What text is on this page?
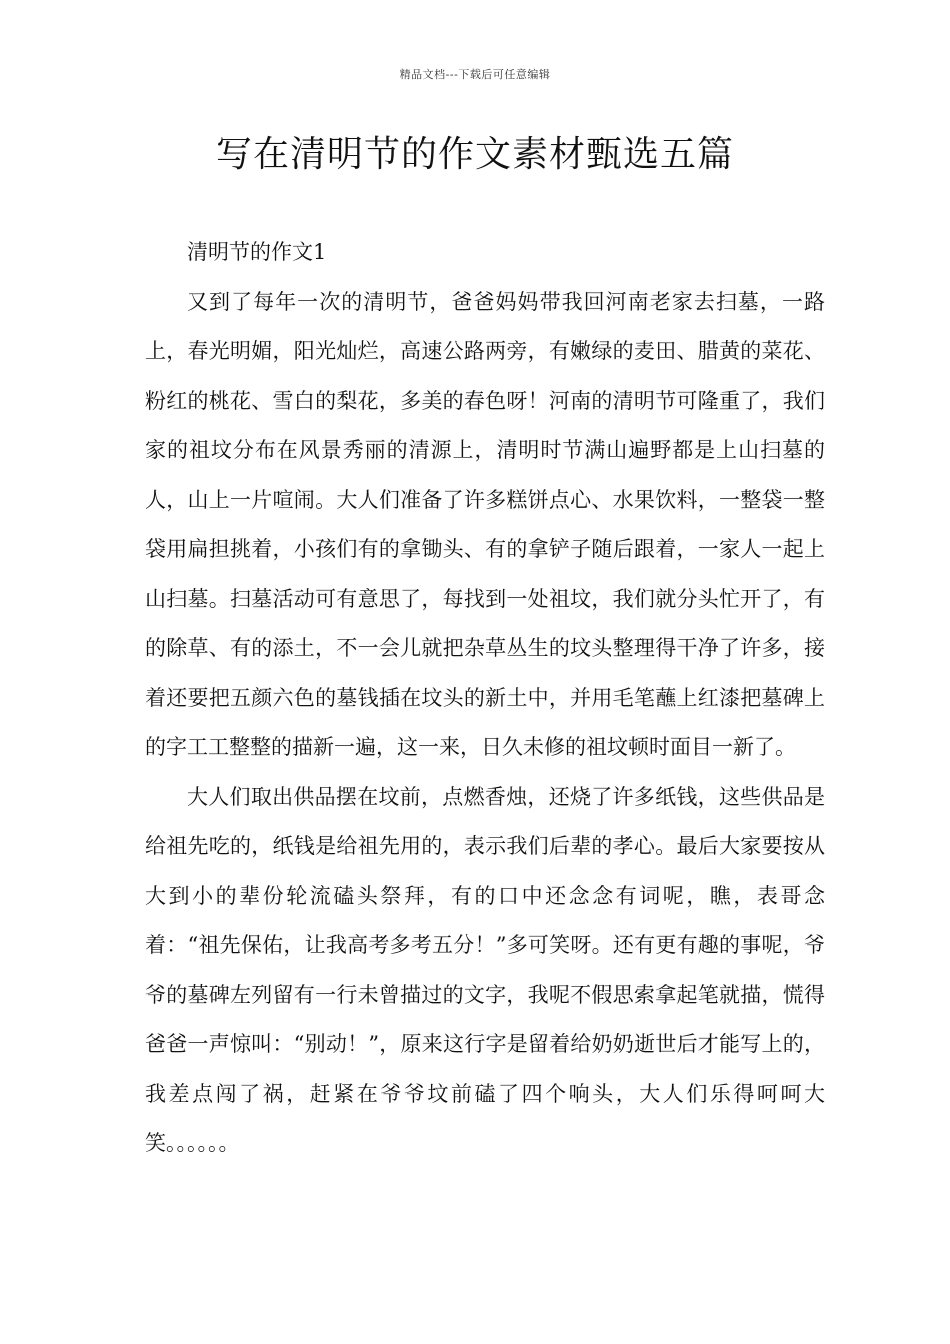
精品文档---下载后可任意编辑
写在清明节的作文素材甄选五篇

清明节的作文1

又到了每年一次的清明节，爸爸妈妈带我回河南老家去扫墓，一路上，春光明媚，阳光灿烂，高速公路两旁，有嫩绿的麦田、腊黄的菜花、粉红的桃花、雪白的梨花，多美的春色呀！河南的清明节可隆重了，我们家的祖坟分布在风景秀丽的清源上，清明时节满山遍野都是上山扫墓的人，山上一片喧闹。大人们准备了许多糕饼点心、水果饮料，一整袋一整袋用扁担挑着，小孩们有的拿锄头、有的拿铲子随后跟着，一家人一起上山扫墓。扫墓活动可有意思了，每找到一处祖坟，我们就分头忙开了，有的除草、有的添土，不一会儿就把杂草丛生的坟头整理得干净了许多，接着还要把五颜六色的墓钱插在坟头的新土中，并用毛笔蘸上红漆把墓碑上的字工工整整的描新一遍，这一来，日久未修的祖坟顿时面目一新了。

大人们取出供品摆在坟前，点燃香烛，还烧了许多纸钱，这些供品是给祖先吃的，纸钱是给祖先用的，表示我们后辈的孝心。最后大家要按从大到小的辈份轮流磕头祭拜，有的口中还念念有词呢，瞧，表哥念着：“祖先保佑，让我高考多考五分！”多可笑呀。还有更有趣的事呢，爷爷的墓碑左列留有一行未曾描过的文字，我呢不假思索拿起笔就描，慌得爸爸一声惊叫：“别动！”，原来这行字是留着给奶奶逝世后才能写上的，我差点闯了祸，赶紧在爷爷坟前磕了四个响头，大人们乐得呵呵大笑。。。。。。
